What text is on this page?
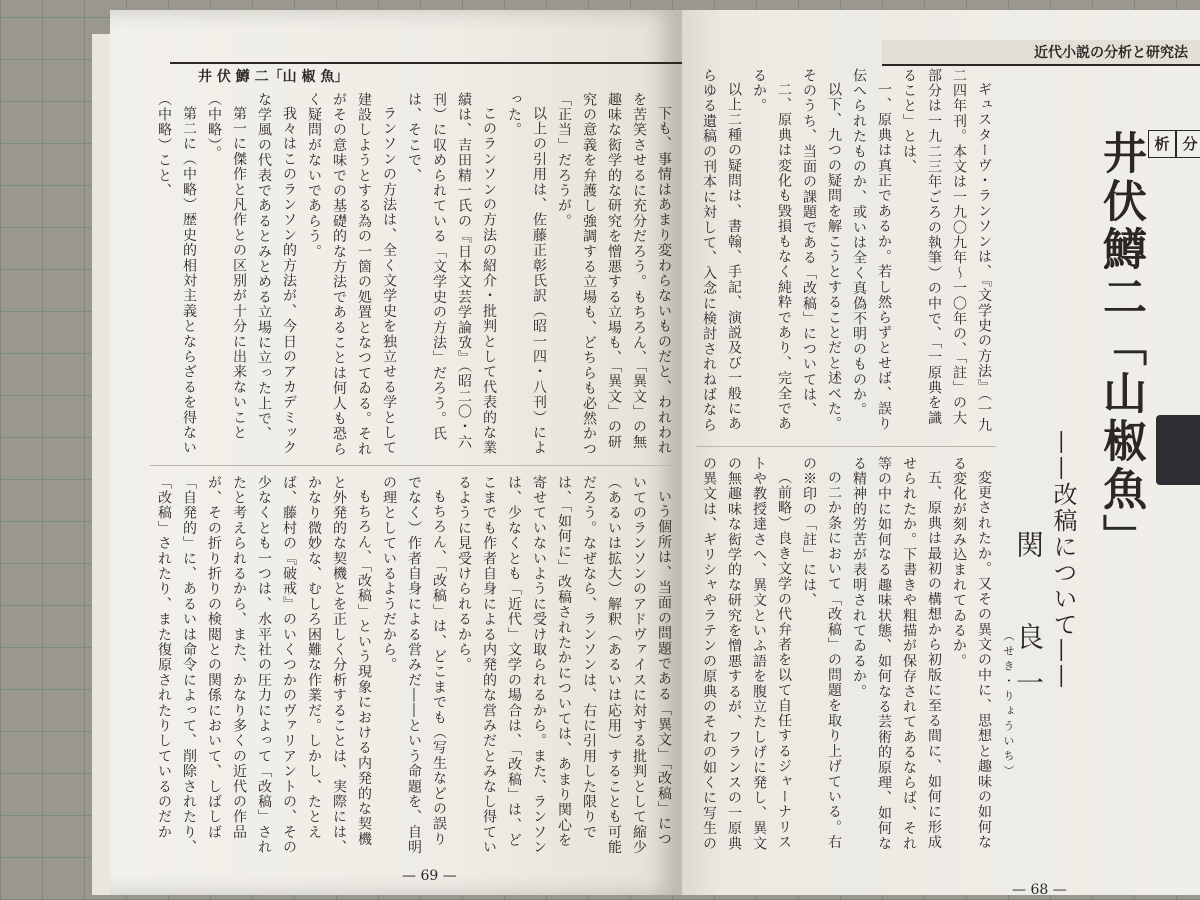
井 伏 鱒 二「山 椒 魚」

下も、事情はあまり変わらないものだと、われわれを苦笑させるに充分だろう。もちろん、「異文」の無趣味な衒学的な研究を憎悪する立場も、「異文」の研究の意義を弁護し強調する立場も、どちらも必然かつ「正当」だろうが。

以上の引用は、佐藤正彰氏訳（昭一四・八刊）によった。

このランソンの方法の紹介・批判として代表的な業績は、吉田精一氏の『日本文芸学論攷』（昭二〇・六刊）に収められている「文学史の方法」だろう。氏は、そこで、

ランソンの方法は、全く文学史を独立せる学として建設しようとする為の一箇の処置となつてゐる。それがその意味での基礎的な方法であることは何人も恐らく疑問がないであらう。

我々はこのランソン的方法が、今日のアカデミックな学風の代表であるとみとめる立場に立った上で、

第一に傑作と凡作との区別が十分に出来ないこと（中略）。

第二に（中略）歴史的相対主義とならざるを得ない（中略）こと、

いう個所は、当面の問題である「異文」「改稿」についてのランソンのアドヴァイスに対する批判として縮少（あるいは拡大）解釈（あるいは応用）することも可能だろう。なぜなら、ランソンは、右に引用した限りでは、「如何に」改稿されたかについては、あまり関心を寄せていないように受け取られるから。また、ランソンは、少なくとも「近代」文学の場合は、「改稿」は、どこまでも作者自身による内発的な営みだとみなし得ているように見受けられるから。

もちろん、「改稿」は、どこまでも（写生などの誤りでなく）作者自身による営みだ――という命題を、自明の理としているようだから。

もちろん、「改稿」という現象における内発的な契機と外発的な契機とを正しく分析することは、実際には、かなり微妙な、むしろ困難な作業だ。しかし、たとえば、藤村の『破戒』のいくつかのヴァリアントの、その少なくとも一つは、水平社の圧力によって「改稿」されたと考えられるから、また、かなり多くの近代の作品が、その折り折りの検閲との関係において、しばしば「自発的」に、あるいは命令によって、削除されたり、「改稿」されたり、また復原されたりしているのだか

— 69 —
近代小説の分析と研究法

ギュスターヴ・ランソンは、『文学史の方法』（一九二四年刊。本文は一九〇九年〜一〇年の、「註」の大部分は一九二三年ごろの執筆）の中で、「一原典を識ること」とは、

一、原典は真正であるか。若し然らずとせば、誤り伝へられたものか、或いは全く真偽不明のものか。

以下、九つの疑問を解こうとすることだと述べた。そのうち、当面の課題である「改稿」については、

二、原典は変化も毀損もなく純粋であり、完全であるか。

以上二種の疑問は、書翰、手記、演説及び一般にあらゆる遺稿の刊本に対して、入念に検討されねばなら

変更されたか。又その異文の中に、思想と趣味の如何なる変化が刻み込まれてゐるか。

五、原典は最初の構想から初版に至る間に、如何に形成せられたか。下書きや粗描が保存されてあるならば、それ等の中に如何なる趣味状態、如何なる芸術的原理、如何なる精神的労苦が表明されてゐるか。

の二か条において「改稿」の問題を取り上げている。右の※印の「註」には、

（前略）良き文学の代弁者を以て自任するジャーナリストや教授達さへ、異文といふ語を腹立たしげに発し、異文の無趣味な衒学的な研究を憎悪するが、フランスの一原典の異文は、ギリシャやラテンの原典のそれの如くに写生の

分
析
井伏鱒二「山椒魚」
——改稿について——
関　良一
（せき・りょういち）
— 68 —
